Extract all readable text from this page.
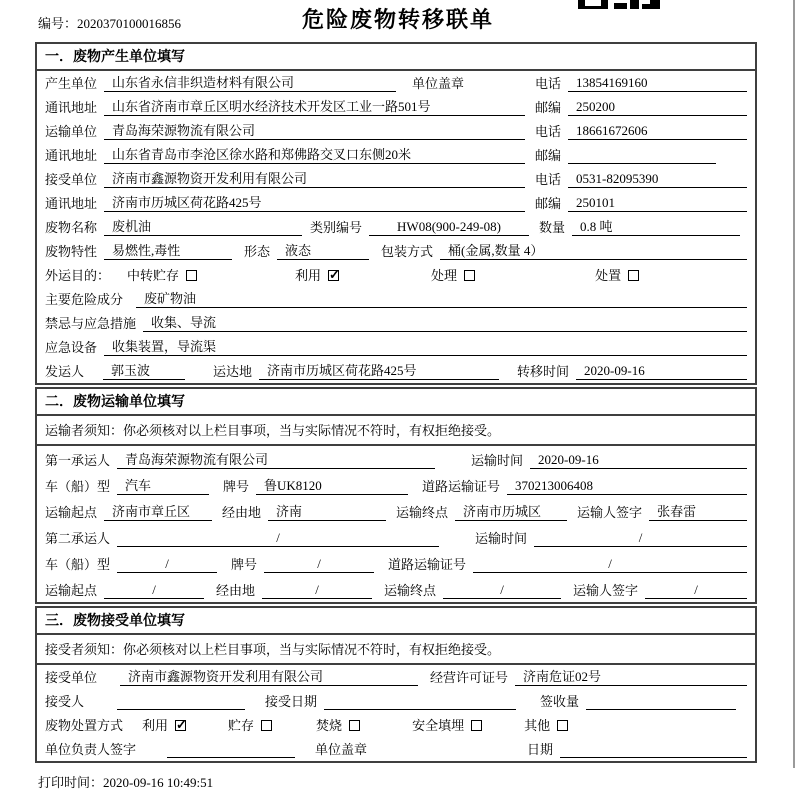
编号：2020370100016856	危险废物转移联单
一．废物产生单位填写
产生单位	山东省永信非织造材料有限公司	单位盖章	电话	13854169160
通讯地址	山东省济南市章丘区明水经济技术开发区工业一路501号	邮编	250200
运输单位	青岛海荣源物流有限公司	电话	18661672606
通讯地址	山东省青岛市李沧区徐水路和郑佛路交叉口东侧20米	邮编
接受单位	济南市鑫源物资开发利用有限公司	电话	0531-82095390
通讯地址	济南市历城区荷花路425号	邮编	250101
废物名称	废机油	类别编号	HW08(900-249-08)	数量	0.8 吨
废物特性	易燃性,毒性	形态	液态	包装方式	桶(金属,数量 4）
外运目的： 中转贮存	利用 ✓	处理	处置
主要危险成分	废矿物油
禁忌与应急措施	收集、导流
应急设备	收集装置，导流渠
发运人	郭玉波	运达地	济南市历城区荷花路425号	转移时间	2020-09-16
二．废物运输单位填写
运输者须知：你必须核对以上栏目事项，当与实际情况不符时，有权拒绝接受。
第一承运人	青岛海荣源物流有限公司	运输时间	2020-09-16
车（船）型	汽车	牌号	鲁UK8120	道路运输证号	370213006408
运输起点	济南市章丘区	经由地	济南	运输终点	济南市历城区	运输人签字	张春雷
第二承运人	/	运输时间	/
车（船）型	/	牌号	/	道路运输证号	/
运输起点	/	经由地	/	运输终点	/	运输人签字	/
三．废物接受单位填写
接受者须知：你必须核对以上栏目事项，当与实际情况不符时，有权拒绝接受。
接受单位	济南市鑫源物资开发利用有限公司	经营许可证号	济南危证02号
接受人	接受日期	签收量
废物处置方式 利用 ✓	贮存	焚烧	安全填埋	其他
单位负责人签字	单位盖章	日期
打印时间：2020-09-16 10:49:51
